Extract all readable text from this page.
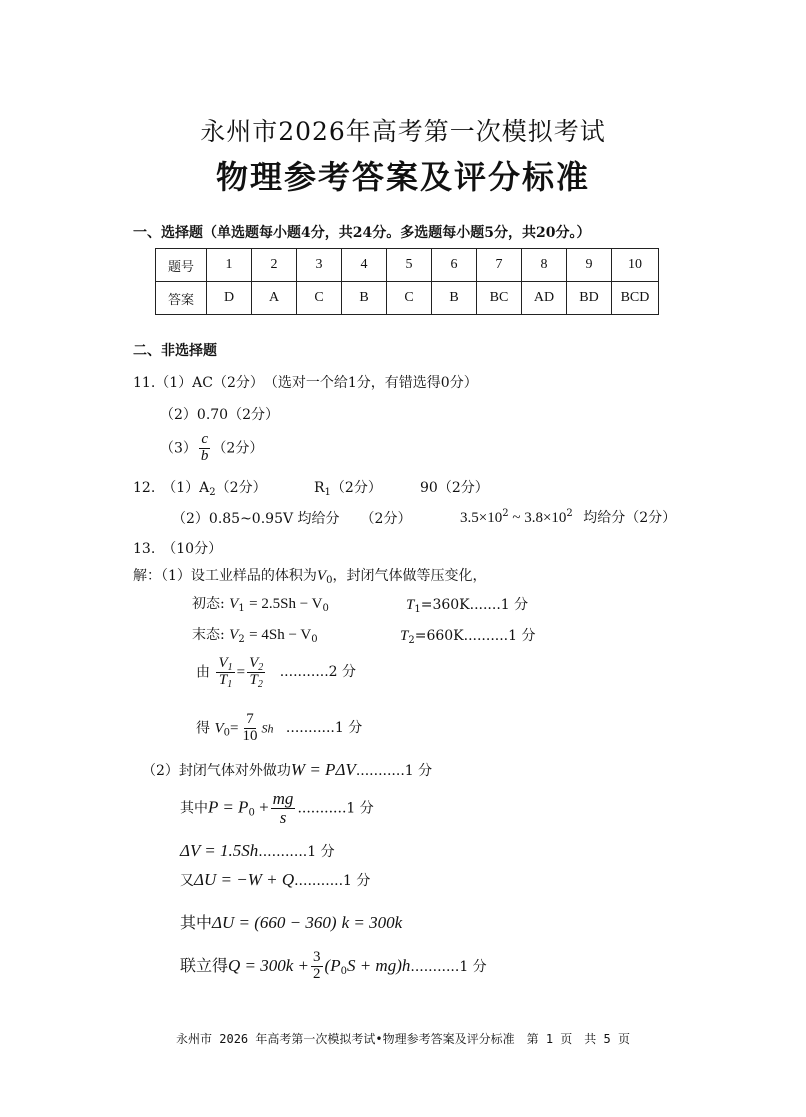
永州市2026年高考第一次模拟考试
物理参考答案及评分标准
一、选择题（单选题每小题4分，共24分。多选题每小题5分，共20分。）
题号	1	2	3	4	5	6	7	8	9	10
答案	D	A	C	B	C	B	BC	AD	BD	BCD
二、非选择题
11.（1）AC（2分）　（选对一个给1分，有错选得0分）
（2）0.70（2分）
$(3) \frac{c}{b} (2$分）
12.　$(1)A_2(2$分）	$R_1(2$分）	90（2分）
（2）0.85~0.95V 均给分　　（2分）	$3.5\times 10^2$ ~ $3.8\times 10^2$ 均给分（2分）
13.　（10分）
解：（1）设工业样品的体积为$V_0$，封闭气体做等压变化，
初态: $V_1 = 2.5Sh - V_0$	$T_1=360K.......1$ 分
末态: $V_2 = 4Sh - V_0$	$T_2=660K..........1$ 分
由 $\frac{V_1}{T_1} = \frac{V_2}{T_2} ...........2$ 分
得 $V_0= \frac{7}{10}$ Sh ...........1 分
（2）封闭气体对外做功W = PΔV...........1 分
其中$P = P_0 + \frac{mg}{s} ...........1$ 分
ΔV = 1.5Sh...........1 分
又ΔU = −W + Q...........1 分
其中ΔU = (660 − 360) k = 300k
联立得$Q = 300k + \frac{3}{2} (P_0S + mg)h...........1$ 分
永州市 2026 年高考第一次模拟考试•物理参考答案及评分标准　第 1 页　共 5 页
